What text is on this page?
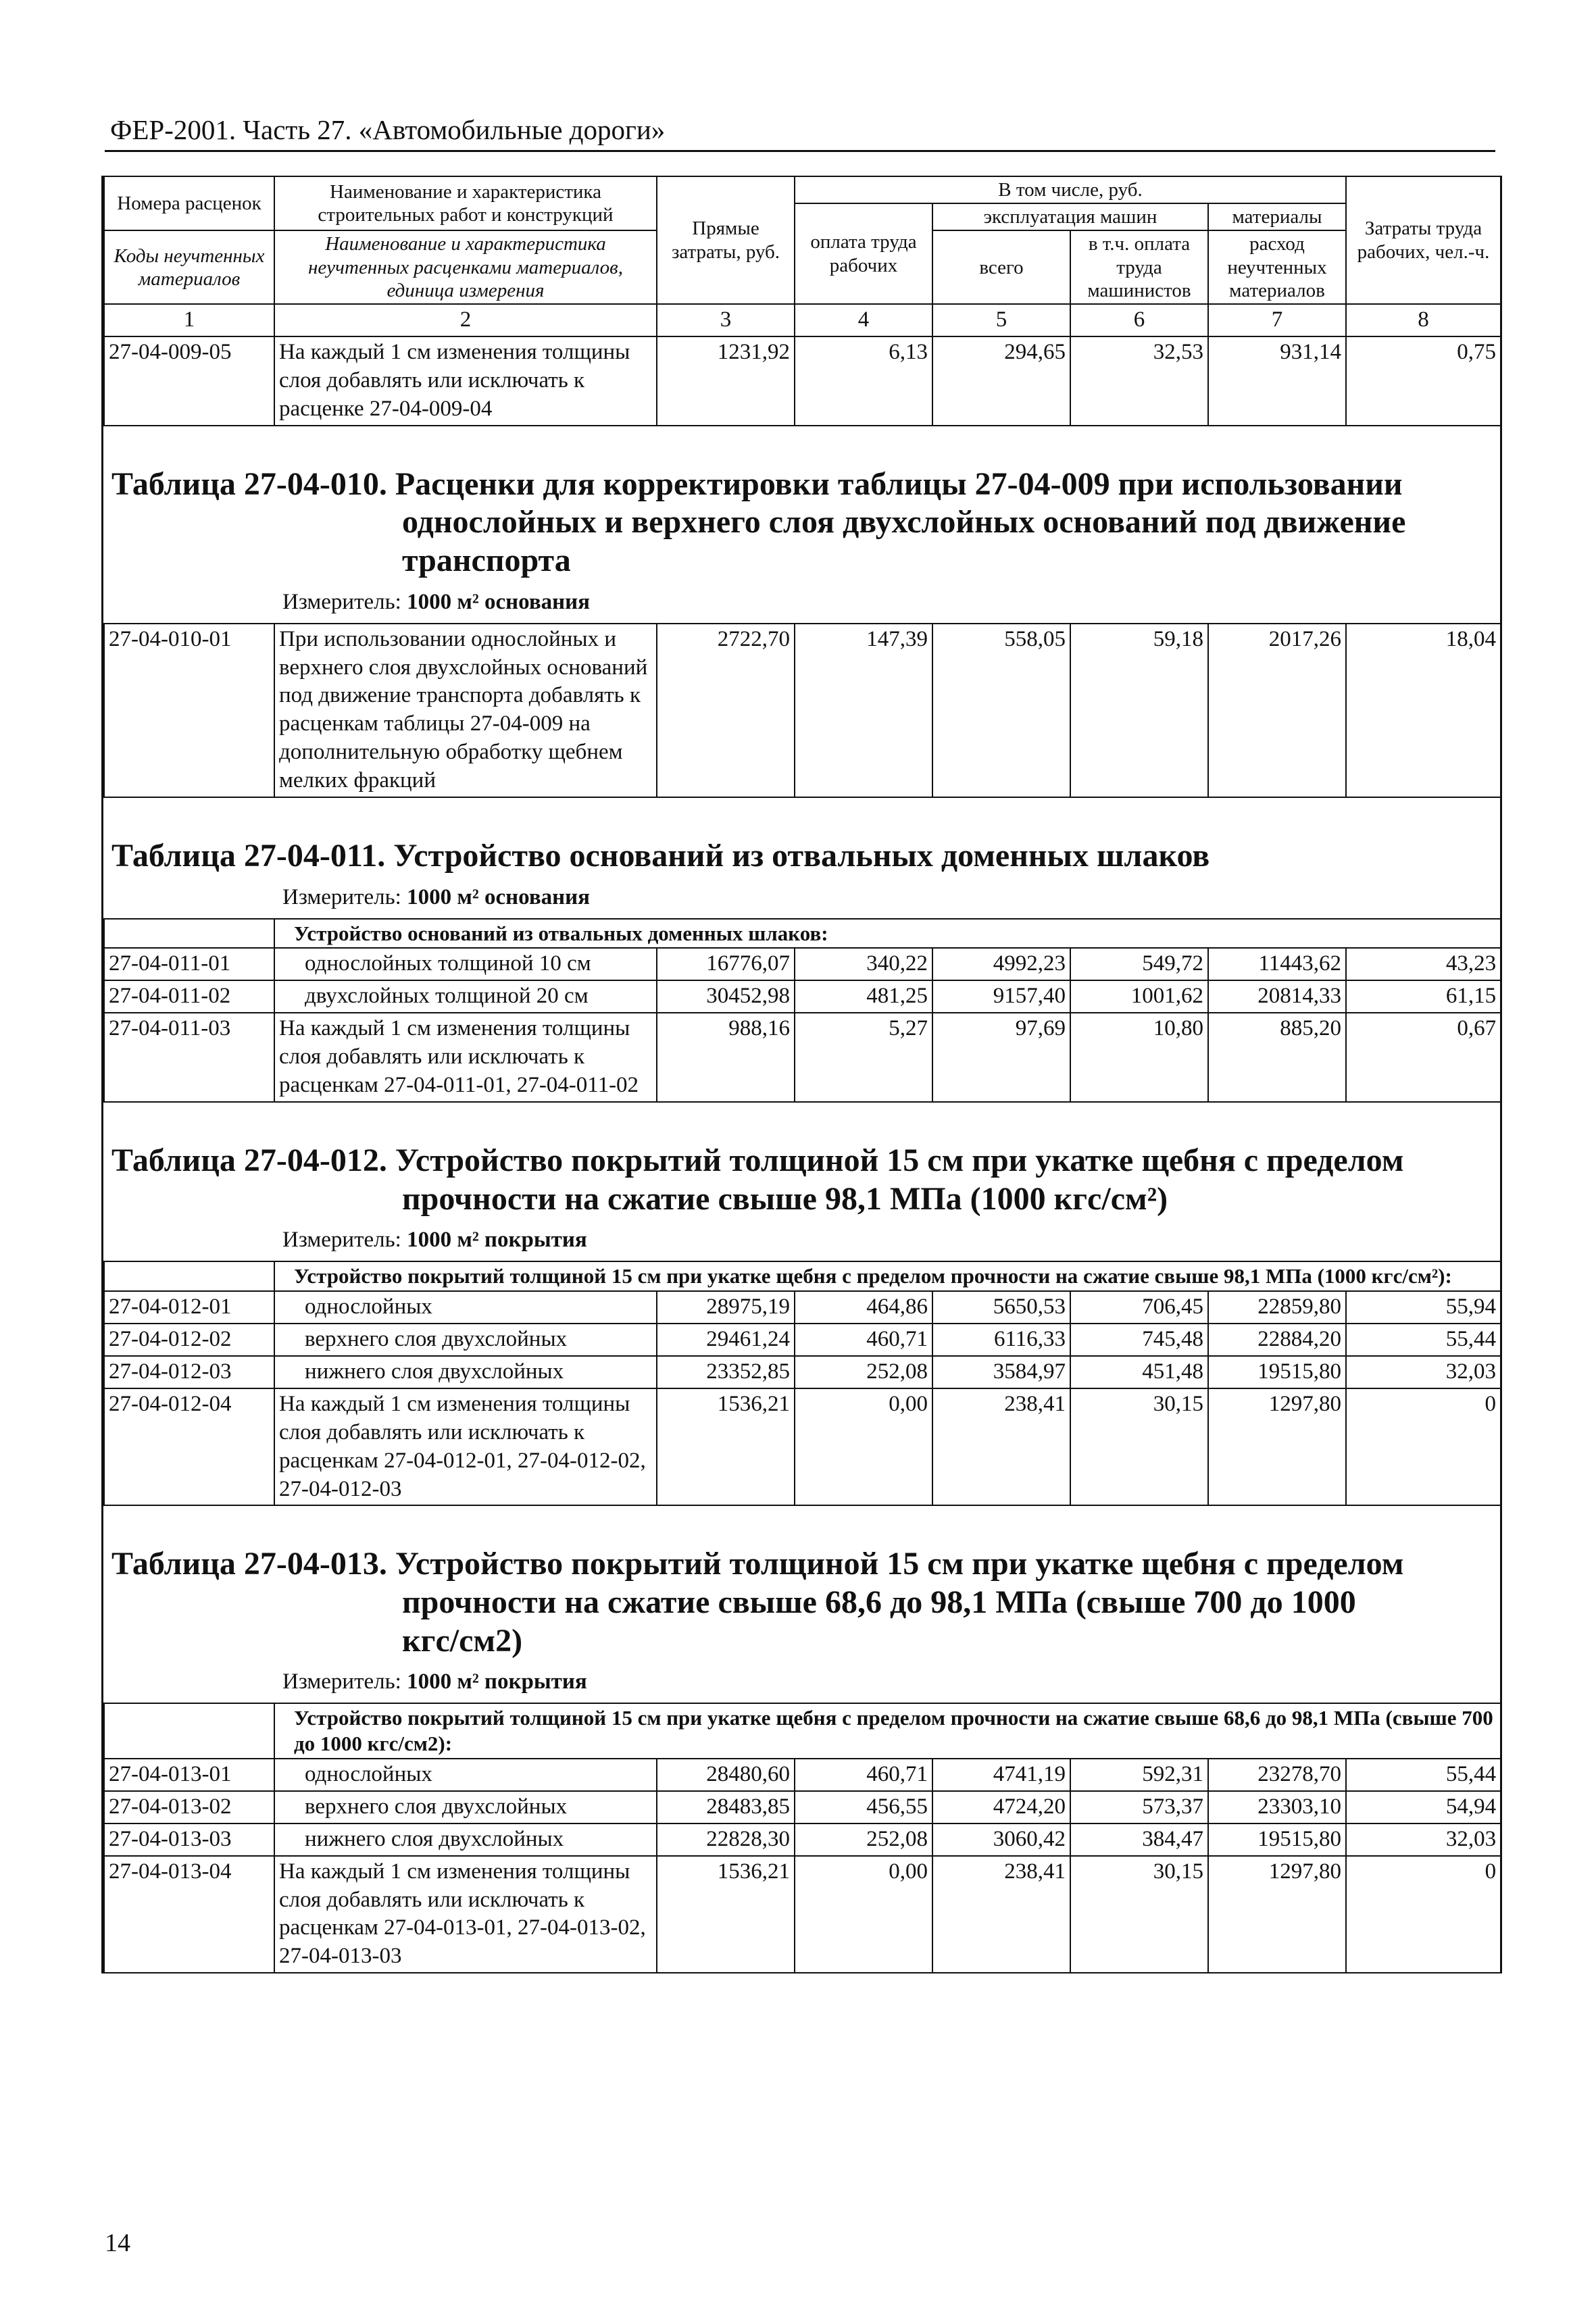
ФЕР-2001. Часть 27. «Автомобильные дороги»
Номера расценок	Наименование и характеристика строительных работ и конструкций	Прямые затраты, руб.	В том числе, руб.				Затраты труда рабочих, чел.-ч.
			оплата труда рабочих	эксплуатация машин		материалы	
Коды неучтенных материалов	Наименование и характеристика неучтенных расценками материалов, единица измерения			всего	в т.ч. оплата труда машинистов	расход неучтенных материалов	

1	2	3	4	5	6	7	8
27-04-009-05	На каждый 1 см изменения толщины слоя добавлять или исключать к расценке 27-04-009-04	1231,92	6,13	294,65	32,53	931,14	0,75
Таблица 27-04-010. Расценки для корректировки таблицы 27-04-009 при использовании
однослойных и верхнего слоя двухслойных оснований под движение
транспорта
Измеритель: 1000 м² основания
27-04-010-01	При использовании однослойных и верхнего слоя двухслойных оснований под движение транспорта добавлять к расценкам таблицы 27-04-009 на дополнительную обработку щебнем мелких фракций	2722,70	147,39	558,05	59,18	2017,26	18,04
Таблица 27-04-011. Устройство оснований из отвальных доменных шлаков
Измеритель: 1000 м² основания
	Устройство оснований из отвальных доменных шлаков:						
27-04-011-01	однослойных толщиной 10 см	16776,07	340,22	4992,23	549,72	11443,62	43,23
27-04-011-02	двухслойных толщиной 20 см	30452,98	481,25	9157,40	1001,62	20814,33	61,15
27-04-011-03	На каждый 1 см изменения толщины слоя добавлять или исключать к расценкам 27-04-011-01, 27-04-011-02	988,16	5,27	97,69	10,80	885,20	0,67
Таблица 27-04-012. Устройство покрытий толщиной 15 см при укатке щебня с пределом
прочности на сжатие свыше 98,1 МПа (1000 кгс/см²)
Измеритель: 1000 м² покрытия
	Устройство покрытий толщиной 15 см при укатке щебня с пределом прочности на сжатие свыше 98,1 МПа (1000 кгс/см²):						
27-04-012-01	однослойных	28975,19	464,86	5650,53	706,45	22859,80	55,94
27-04-012-02	верхнего слоя двухслойных	29461,24	460,71	6116,33	745,48	22884,20	55,44
27-04-012-03	нижнего слоя двухслойных	23352,85	252,08	3584,97	451,48	19515,80	32,03
27-04-012-04	На каждый 1 см изменения толщины слоя добавлять или исключать к расценкам 27-04-012-01, 27-04-012-02, 27-04-012-03	1536,21	0,00	238,41	30,15	1297,80	0
Таблица 27-04-013. Устройство покрытий толщиной 15 см при укатке щебня с пределом
прочности на сжатие свыше 68,6 до 98,1 МПа (свыше 700 до 1000
кгс/см2)
Измеритель: 1000 м² покрытия
	Устройство покрытий толщиной 15 см при укатке щебня с пределом прочности на сжатие свыше 68,6 до 98,1 МПа (свыше 700 до 1000 кгс/см2):						
27-04-013-01	однослойных	28480,60	460,71	4741,19	592,31	23278,70	55,44
27-04-013-02	верхнего слоя двухслойных	28483,85	456,55	4724,20	573,37	23303,10	54,94
27-04-013-03	нижнего слоя двухслойных	22828,30	252,08	3060,42	384,47	19515,80	32,03
27-04-013-04	На каждый 1 см изменения толщины слоя добавлять или исключать к расценкам 27-04-013-01, 27-04-013-02, 27-04-013-03	1536,21	0,00	238,41	30,15	1297,80	0
14
